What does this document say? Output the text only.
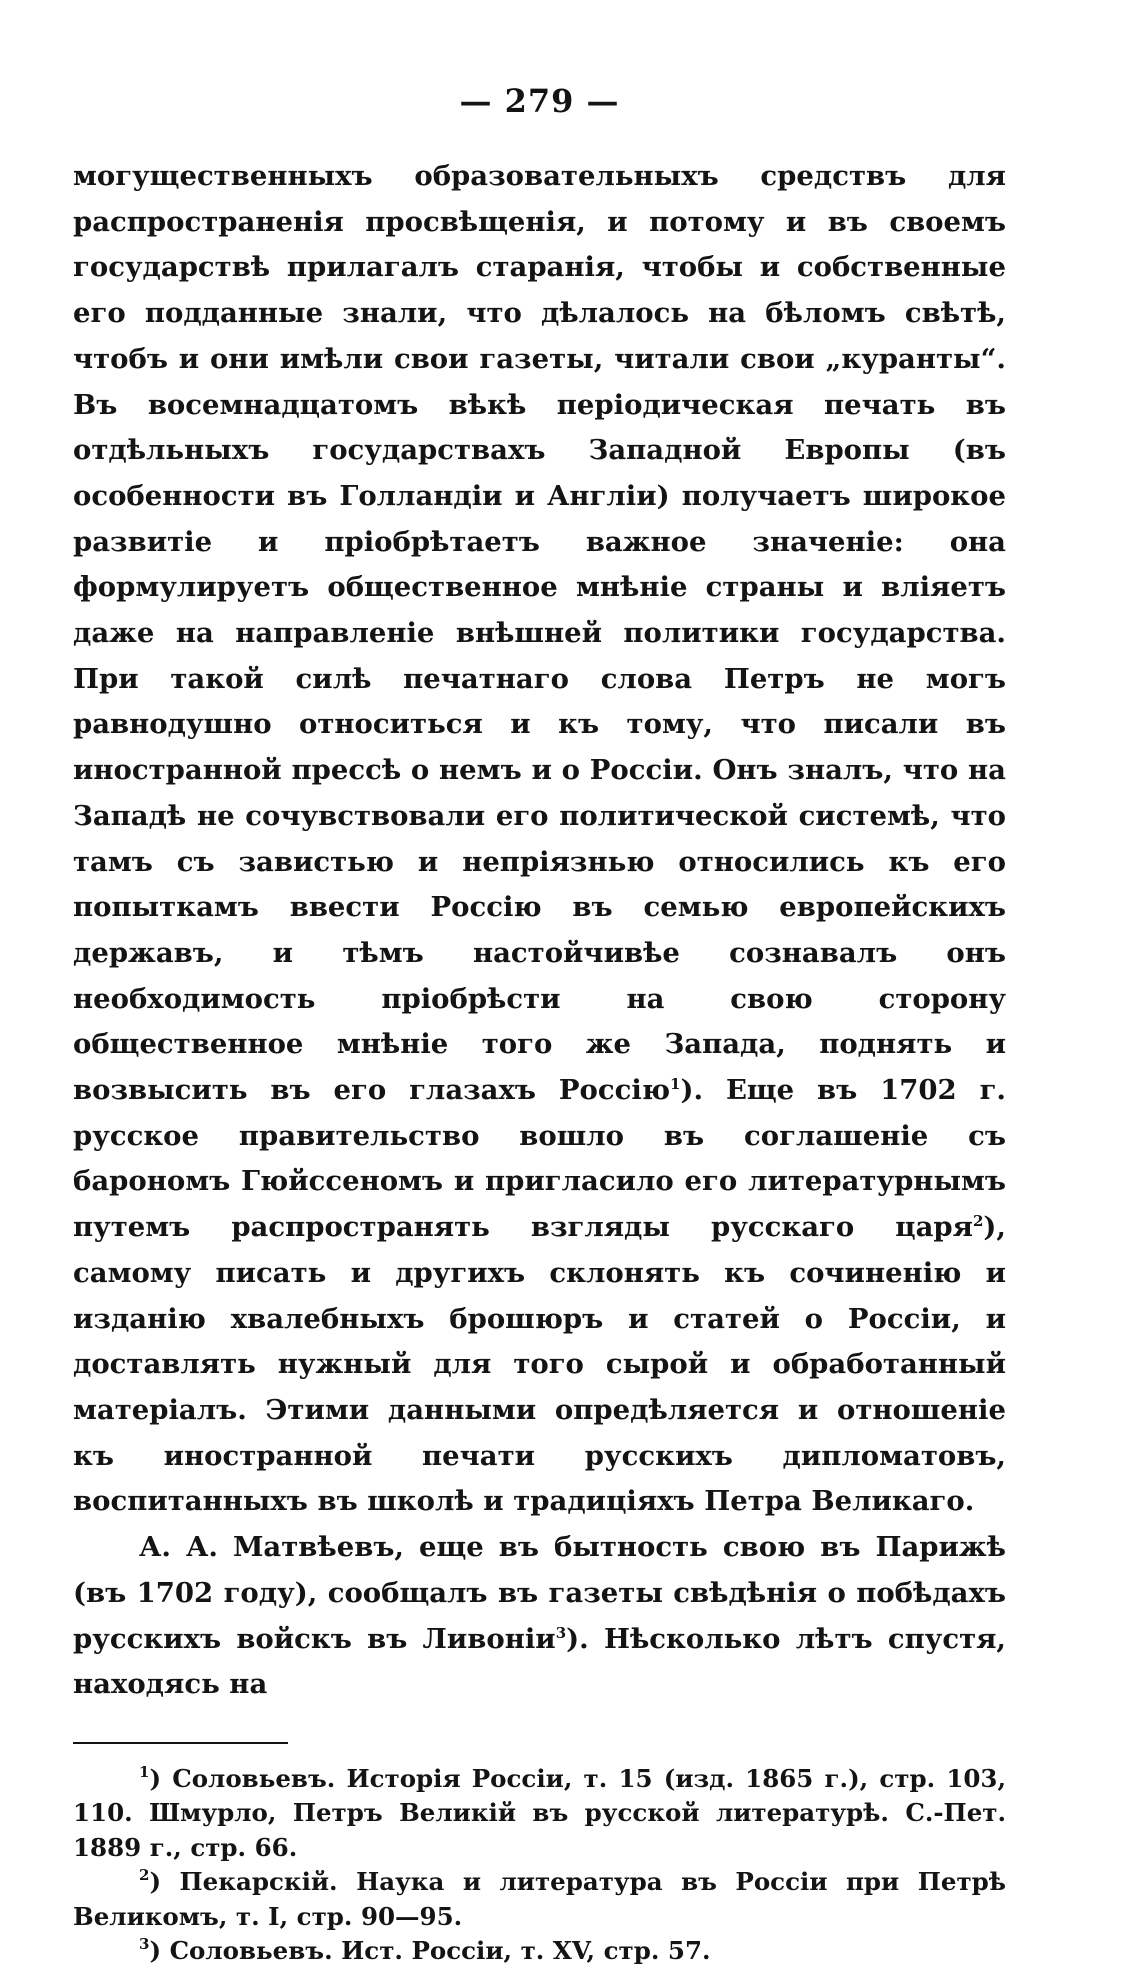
— 279 —

могущественныхъ образовательныхъ средствъ для распространенія просвѣщенія, и потому и въ своемъ государствѣ прилагалъ старанія, чтобы и собственные его подданные знали, что дѣлалось на бѣломъ свѣтѣ, чтобъ и они имѣли свои газеты, читали свои „куранты“. Въ восемнадцатомъ вѣкѣ періодическая печать въ отдѣльныхъ государствахъ Западной Европы (въ особенности въ Голландіи и Англіи) получаетъ широкое развитіе и пріобрѣтаетъ важное значеніе: она формулируетъ общественное мнѣніе страны и вліяетъ даже на направленіе внѣшней политики государства. При такой силѣ печатнаго слова Петръ не могъ равнодушно относиться и къ тому, что писали въ иностранной прессѣ о немъ и о Россіи. Онъ зналъ, что на Западѣ не сочувствовали его политической системѣ, что тамъ съ завистью и непріязнью относились къ его попыткамъ ввести Россію въ семью европейскихъ державъ, и тѣмъ настойчивѣе сознавалъ онъ необходимость пріобрѣсти на свою сторону общественное мнѣніе того же Запада, поднять и возвысить въ его глазахъ Россію$^1$). Еще въ 1702 г. русское правительство вошло въ соглашеніе съ барономъ Гюйссеномъ и пригласило его литературнымъ путемъ распространять взгляды русскаго царя$^2$), самому писать и другихъ склонять къ сочиненію и изданію хвалебныхъ брошюръ и статей о Россіи, и доставлять нужный для того сырой и обработанный матеріалъ. Этими данными опредѣляется и отношеніе къ иностранной печати русскихъ дипломатовъ, воспитанныхъ въ школѣ и традиціяхъ Петра Великаго.

А. А. Матвѣевъ, еще въ бытность свою въ Парижѣ (въ 1702 году), сообщалъ въ газеты свѣдѣнія о побѣдахъ русскихъ войскъ въ Ливоніи$^3$). Нѣсколько лѣтъ спустя, находясь на

$^1$) Соловьевъ. Исторія Россіи, т. 15 (изд. 1865 г.), стр. 103, 110. Шмурло, Петръ Великій въ русской литературѣ. С.-Пет. 1889 г., стр. 66.

$^2$) Пекарскій. Наука и литература въ Россіи при Петрѣ Великомъ, т. I, стр. 90—95.

$^3$) Соловьевъ. Ист. Россіи, т. XV, стр. 57.
